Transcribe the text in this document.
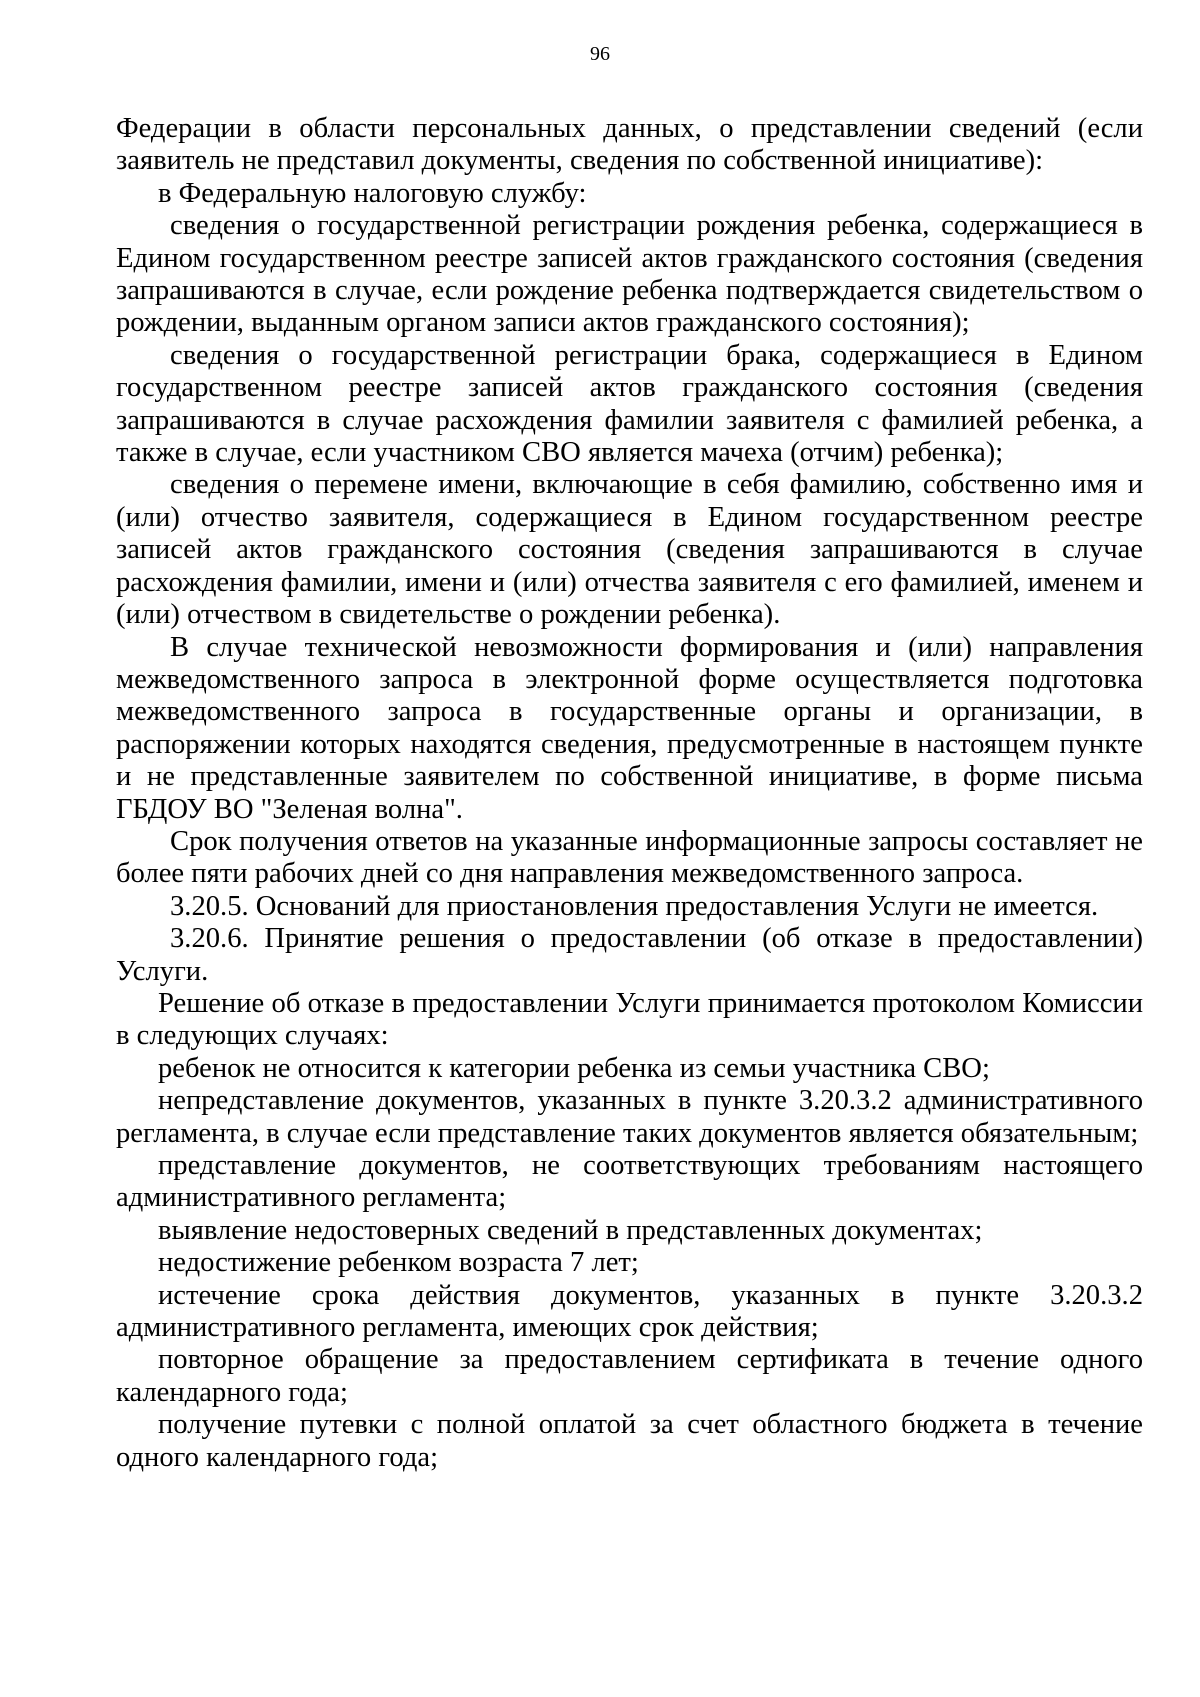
96

Федерации в области персональных данных, о представлении сведений (если заявитель не представил документы, сведения по собственной инициативе):

в Федеральную налоговую службу:

сведения о государственной регистрации рождения ребенка, содержащиеся в Едином государственном реестре записей актов гражданского состояния (сведения запрашиваются в случае, если рождение ребенка подтверждается свидетельством о рождении, выданным органом записи актов гражданского состояния);

сведения о государственной регистрации брака, содержащиеся в Едином государственном реестре записей актов гражданского состояния (сведения запрашиваются в случае расхождения фамилии заявителя с фамилией ребенка, а также в случае, если участником СВО является мачеха (отчим) ребенка);

сведения о перемене имени, включающие в себя фамилию, собственно имя и (или) отчество заявителя, содержащиеся в Едином государственном реестре записей актов гражданского состояния (сведения запрашиваются в случае расхождения фамилии, имени и (или) отчества заявителя с его фамилией, именем и (или) отчеством в свидетельстве о рождении ребенка).

В случае технической невозможности формирования и (или) направления межведомственного запроса в электронной форме осуществляется подготовка межведомственного запроса в государственные органы и организации, в распоряжении которых находятся сведения, предусмотренные в настоящем пункте и не представленные заявителем по собственной инициативе, в форме письма ГБДОУ ВО "Зеленая волна".

Срок получения ответов на указанные информационные запросы составляет не более пяти рабочих дней со дня направления межведомственного запроса.

3.20.5. Оснований для приостановления предоставления Услуги не имеется.

3.20.6. Принятие решения о предоставлении (об отказе в предоставлении) Услуги.

Решение об отказе в предоставлении Услуги принимается протоколом Комиссии в следующих случаях:

ребенок не относится к категории ребенка из семьи участника СВО;

непредставление документов, указанных в пункте 3.20.3.2 административного регламента, в случае если представление таких документов является обязательным;

представление документов, не соответствующих требованиям настоящего административного регламента;

выявление недостоверных сведений в представленных документах;

недостижение ребенком возраста 7 лет;

истечение срока действия документов, указанных в пункте 3.20.3.2 административного регламента, имеющих срок действия;

повторное обращение за предоставлением сертификата в течение одного календарного года;

получение путевки с полной оплатой за счет областного бюджета в течение одного календарного года;
